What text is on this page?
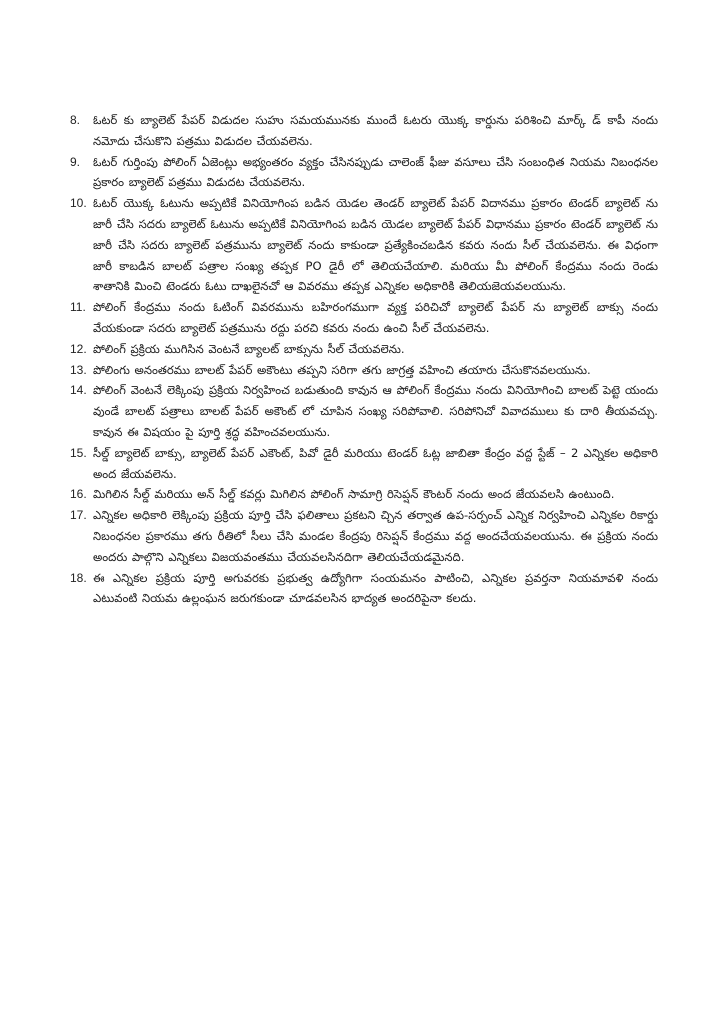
8.	ఓటర్ కు బ్యాలెట్ పేపర్ విడుదల సుహు సమయమునకు ముందే ఓటరు యొక్క కార్డును పరిశించి మార్క్ డ్ కాపీ నందు నమోదు చేసుకొని పత్రము విడుదల చేయవలెను.
9.	ఓటర్ గుర్తింపు పోలింగ్ ఏజెంట్లు అభ్యంతరం వ్యక్తం చేసినప్పుడు చాలెంజ్ ఫీజు వసూలు చేసి సంబంధిత నియమ నిబంధనల ప్రకారం బ్యాలెట్ పత్రము విడుదట చేయవలెను.
10. ఓటర్ యొక్క ఓటును అప్పటికే వినియోగింప బడిన యెడల తెండర్ బ్యాలెట్ పేపర్ విదానము ప్రకారం టెండర్ బ్యాలెట్ ను జారీ చేసి సదరు బ్యాలెట్ ఓటును అప్పటికే వినియోగింప బడిన యెడల బ్యాలెట్ పేపర్ విధానము ప్రకారం టెండర్ బ్యాలెట్ ను జారీ చేసి సదరు బ్యాలెట్ పత్రమును బ్యాలెట్ నందు కాకుండా ప్రత్యేకించబడిన కవరు నందు సీల్ చేయవలెను. ఈ విధంగా జారీ కాబడిన బాలట్ పత్రాల సంఖ్య తప్పక PO డైరీ లో తెలియచేయాలి. మరియు మీ పోలింగ్ కేంద్రము నందు రెండు శాతానికి మించి టెండరు ఓటు దాఖలైనచో ఆ వివరము తప్పక ఎన్నికల అధికారికి తెలియజెయవలయును.
11. పోలింగ్ కేంద్రము నందు ఓటింగ్ వివరమును బహిరంగముగా వ్యక్త పరిచిచో బ్యాలెట్ పేపర్ ను బ్యాలెట్ బాక్సు నందు వేయకుండా సదరు బ్యాలెట్ పత్రమును రద్దు పరచి కవరు నందు ఉంచి సీల్ చేయవలెను.
12. పోలింగ్ ప్రక్రియ ముగిసిన వెంటనే బ్యాలట్ బాక్సును సీల్ చేయవలెను.
13. పోలింగు అనంతరము బాలట్ పేపర్ అకౌంటు తప్పని సరిగా తగు జాగ్రత్త వహించి తయారు చేసుకొనవలయును.
14. పోలింగ్ వెంటనే లెక్కింపు ప్రక్రియ నిర్వహించ బడుతుంది కావున ఆ పోలింగ్ కేంద్రము నందు వినియోగించి బాలట్ పెట్టె యందు వుండే బాలట్ పత్రాలు బాలట్ పేపర్ అకౌంట్ లో చూపిన సంఖ్య సరిపోవాలి. సరిపోనిచో వివాదములు కు దారి తీయవచ్చు. కావున ఈ విషయం పై పూర్తి శ్రద్ధ వహించవలయును.
15. సీల్డ్ బ్యాలెట్ బాక్సు, బ్యాలెట్ పేపర్ ఎకౌంట్, పివో డైరీ మరియు టెండర్ ఓట్ల జాబితా కేంద్రం వద్ద స్టేజ్ – 2 ఎన్నికల అధికారి అంద జేయవలెను.
16. మిగిలిన సీల్డ్ మరియు అన్ సీల్డ్ కవర్లు మిగిలిన పోలింగ్ సామాగ్రి రిసెప్షన్ కౌంటర్ నందు అంద జేయవలసి ఉంటుంది.
17. ఎన్నికల అధికారి లెక్కింపు ప్రక్రియ పూర్తి చేసి ఫలితాలు ప్రకటని చ్చిన తర్వాత ఉప-సర్పంచ్ ఎన్నిక నిర్వహించి ఎన్నికల రికార్డు నిబంధనల ప్రకారము తగు రీతిలో సీలు చేసి మండల కేంద్రపు రిసెప్షన్ కేంద్రము వద్ద అందచేయవలయును. ఈ ప్రక్రియ నందు అందరు పాల్గొని ఎన్నికలు విజయవంతము చేయవలసినదిగా తెలియచేయడమైనది.
18. ఈ ఎన్నికల ప్రక్రియ పూర్తి అగువరకు ప్రభుత్వ ఉద్యోగిగా సంయమనం పాటించి, ఎన్నికల ప్రవర్తనా నియమావళి నందు ఎటువంటి నియమ ఉల్లంఘన జరుగకుండా చూడవలసిన భాద్యత అందరిపైనా కలదు.
